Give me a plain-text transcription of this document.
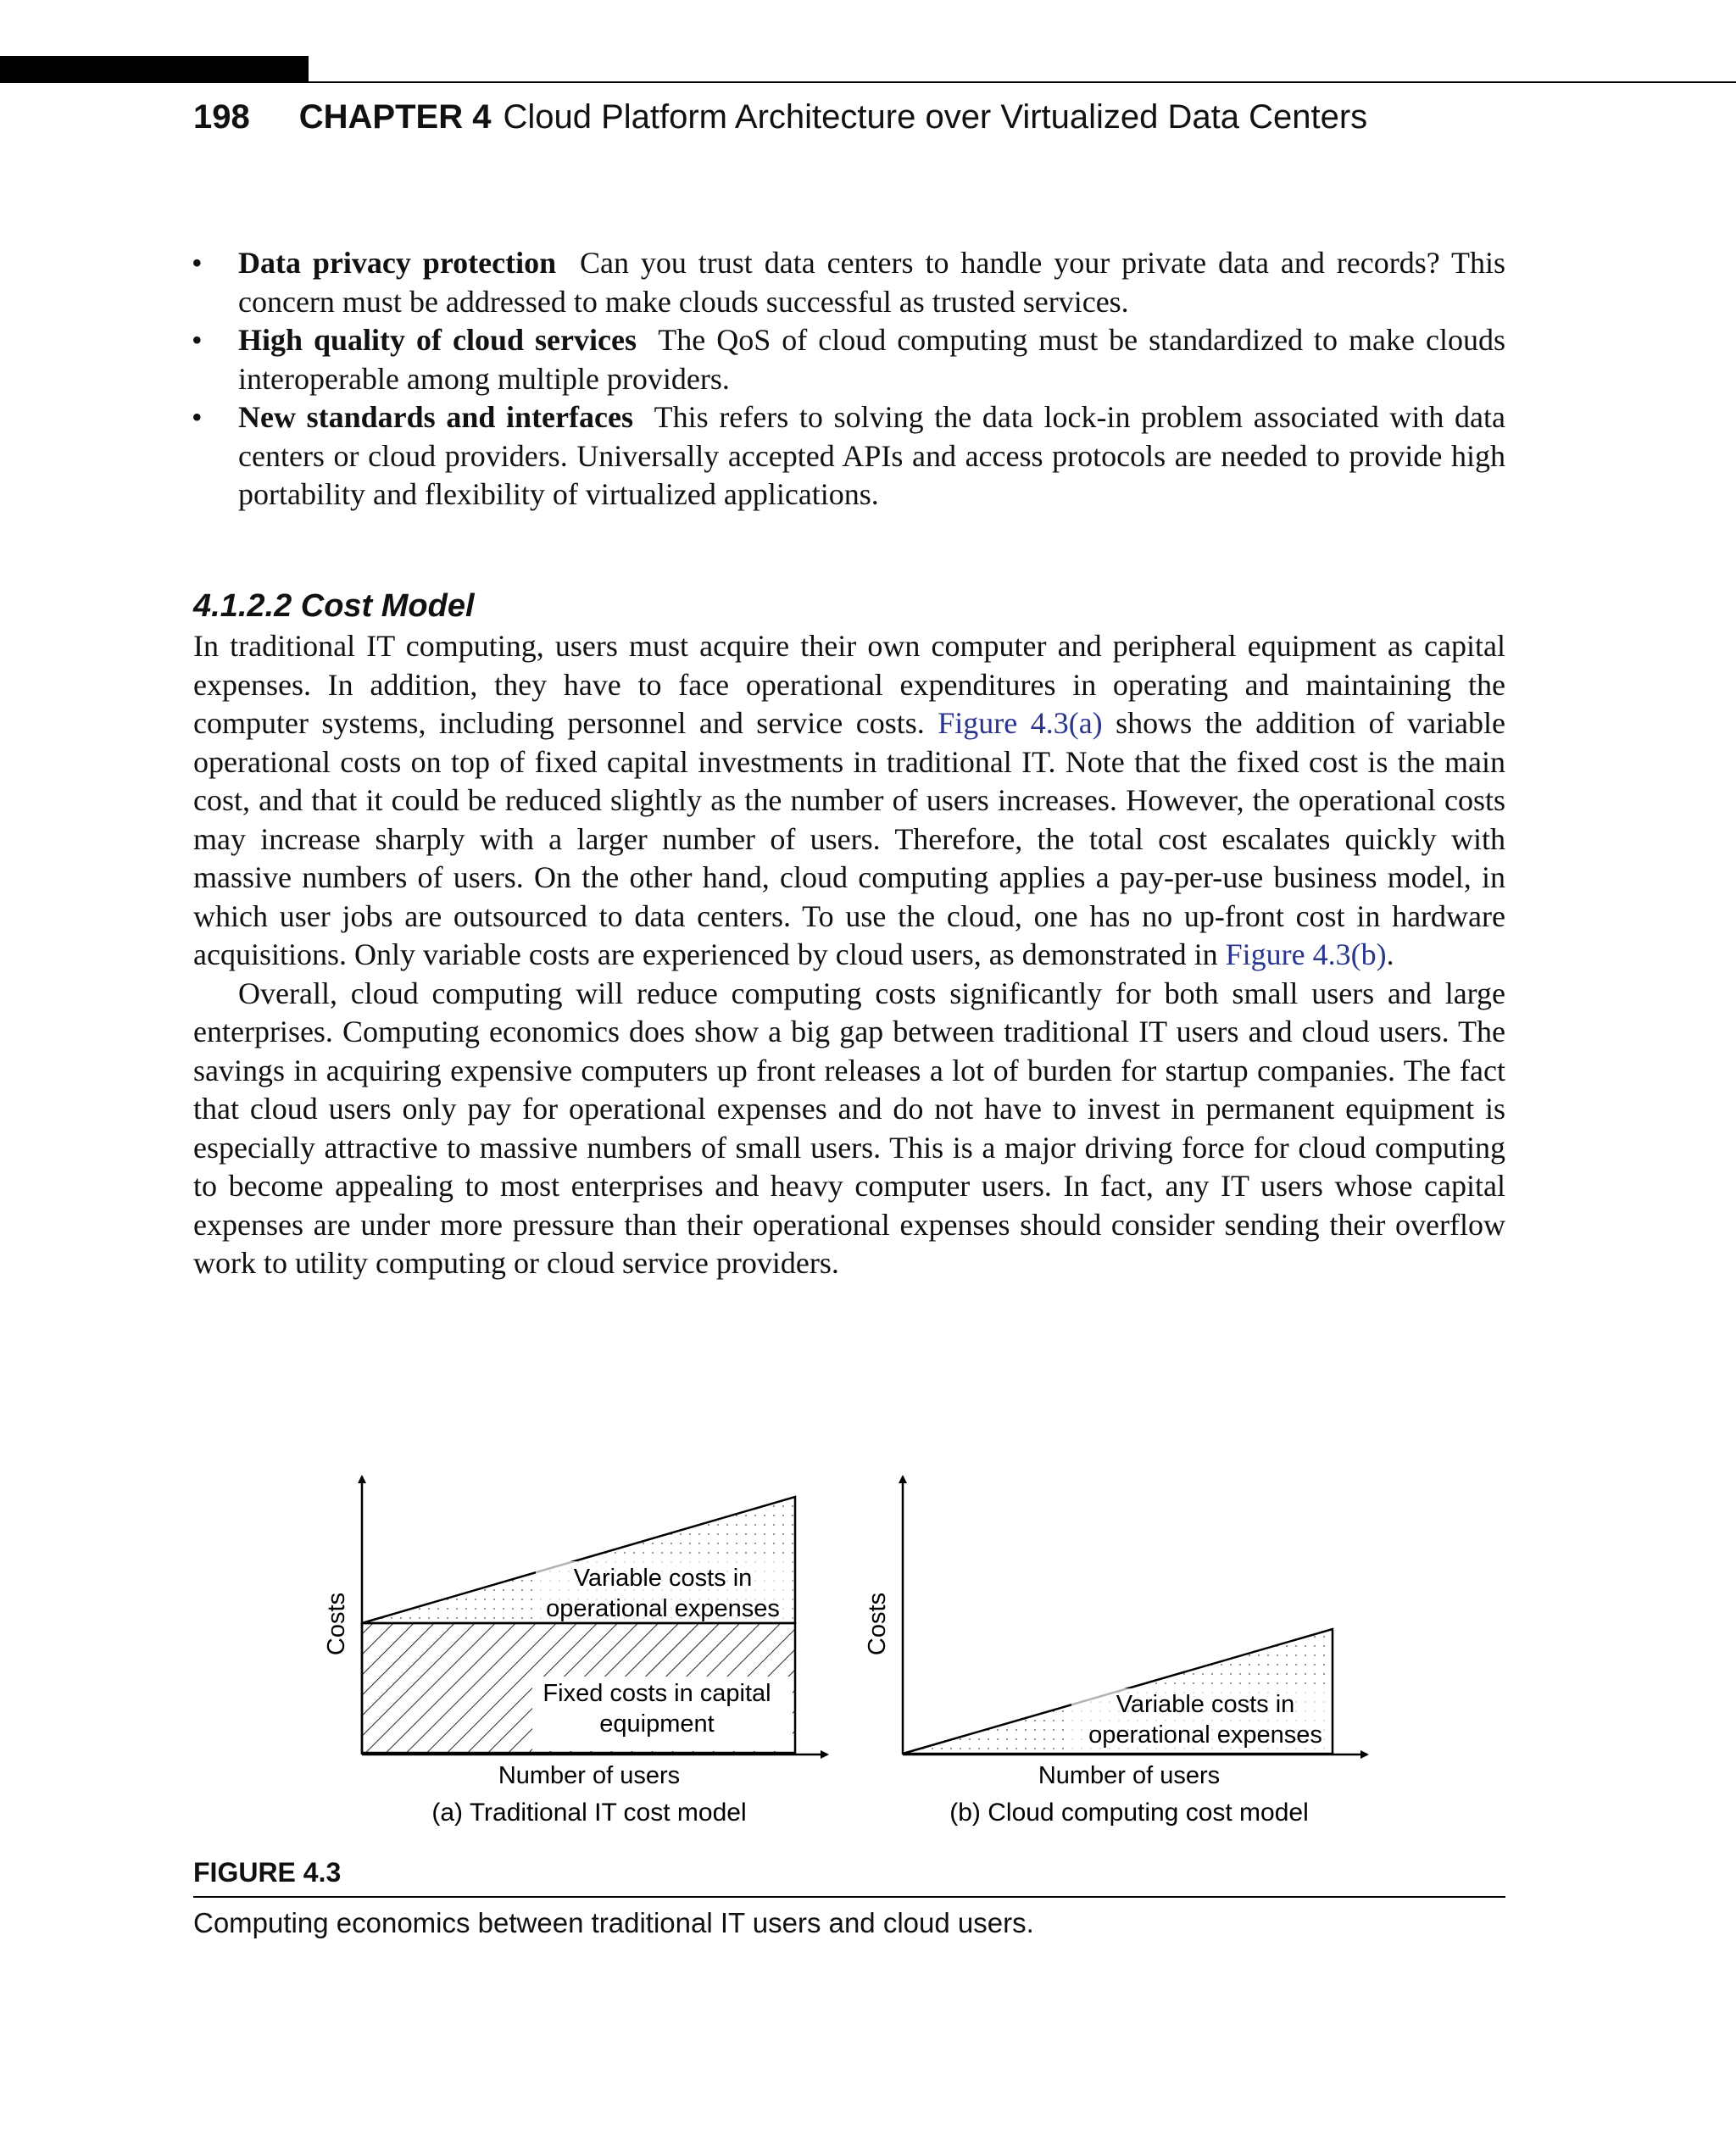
198 CHAPTER 4 Cloud Platform Architecture over Virtualized Data Centers
• Data privacy protection Can you trust data centers to handle your private data and records? This concern must be addressed to make clouds successful as trusted services.
• High quality of cloud services The QoS of cloud computing must be standardized to make clouds interoperable among multiple providers.
• New standards and interfaces This refers to solving the data lock-in problem associated with data centers or cloud providers. Universally accepted APIs and access protocols are needed to provide high portability and flexibility of virtualized applications.
4.1.2.2 Cost Model

In traditional IT computing, users must acquire their own computer and peripheral equipment as capital expenses. In addition, they have to face operational expenditures in operating and maintaining the computer systems, including personnel and service costs. Figure 4.3(a) shows the addition of variable operational costs on top of fixed capital investments in traditional IT. Note that the fixed cost is the main cost, and that it could be reduced slightly as the number of users increases. However, the operational costs may increase sharply with a larger number of users. Therefore, the total cost escalates quickly with massive numbers of users. On the other hand, cloud computing applies a pay-per-use business model, in which user jobs are outsourced to data centers. To use the cloud, one has no up-front cost in hardware acquisitions. Only variable costs are experienced by cloud users, as demonstrated in Figure 4.3(b).

Overall, cloud computing will reduce computing costs significantly for both small users and large enterprises. Computing economics does show a big gap between traditional IT users and cloud users. The savings in acquiring expensive computers up front releases a lot of burden for startup companies. The fact that cloud users only pay for operational expenses and do not have to invest in permanent equipment is especially attractive to massive numbers of small users. This is a major driving force for cloud computing to become appealing to most enterprises and heavy computer users. In fact, any IT users whose capital expenses are under more pressure than their operational expenses should consider sending their overflow work to utility computing or cloud service providers.

Variable costs in
operational expenses
Fixed costs in capital
equipment
Costs
Number of users
(a) Traditional IT cost model
Variable costs in
operational expenses
Costs
Number of users
(b) Cloud computing cost model
FIGURE 4.3
Computing economics between traditional IT users and cloud users.
